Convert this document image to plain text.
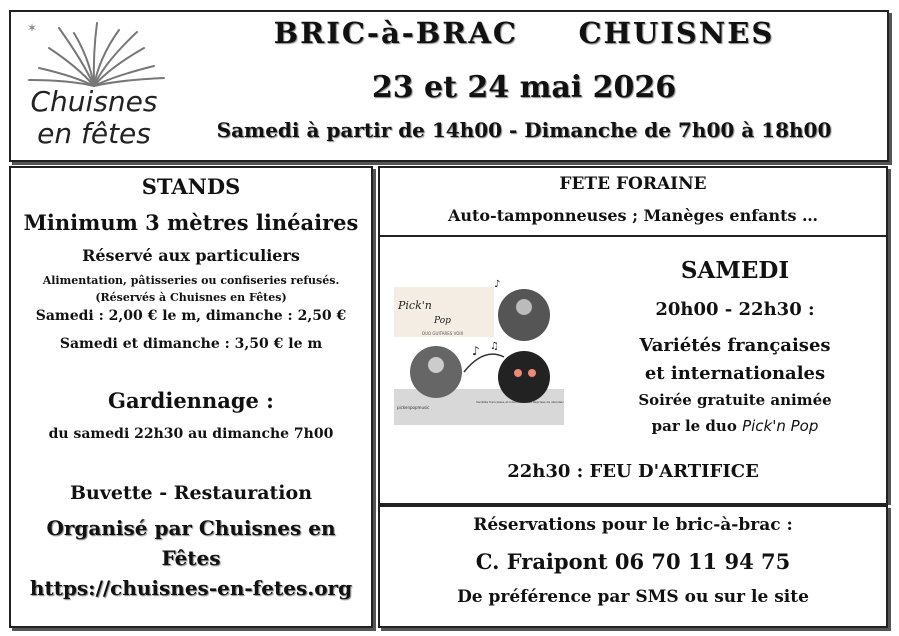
✶
Chuisnes
en fêtes
BRIC-à-BRAC     CHUISNES
23 et 24 mai 2026
Samedi à partir de 14h00 - Dimanche de 7h00 à 18h00
STANDS
Minimum 3 mètres linéaires
Réservé aux particuliers
Alimentation, pâtisseries ou confiseries refusés.
(Réservés à Chuisnes en Fêtes)
Samedi : 2,00 € le m, dimanche : 2,50 €
Samedi et dimanche : 3,50 € le m
Gardiennage :
du samedi 22h30 au dimanche 7h00
Buvette - Restauration
Organisé par Chuisnes en
Fêtes
https://chuisnes-en-fetes.org
FETE FORAINE
Auto-tamponneuses ; Manèges enfants …
♪ ♫
♪
Pick'n
Pop
DUO GUITARES VOIX
pickenpopmusic
Variétés françaises et internationales Reprises de standards
SAMEDI
20h00 - 22h30 :
Variétés françaises
et internationales
Soirée gratuite animée
par le duo Pick'n Pop
22h30 : FEU D'ARTIFICE
Réservations pour le bric-à-brac :
C. Fraipont 06 70 11 94 75
De préférence par SMS ou sur le site
